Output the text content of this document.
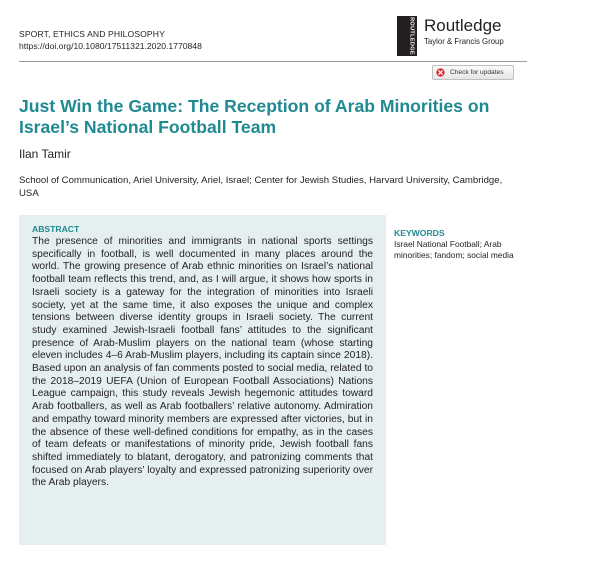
SPORT, ETHICS AND PHILOSOPHY
https://doi.org/10.1080/17511321.2020.1770848	ROUTLEDGE Routledge
Taylor & Francis Group
Check for updates
Just Win the Game: The Reception of Arab Minorities on Israel’s National Football Team
Ilan Tamir
School of Communication, Ariel University, Ariel, Israel; Center for Jewish Studies, Harvard University, Cambridge, USA
ABSTRACT

The presence of minorities and immigrants in national sports settings specifically in football, is well documented in many places around the world. The growing presence of Arab ethnic minorities on Israel’s national football team reflects this trend, and, as I will argue, it shows how sports in Israeli society is a gateway for the integration of minorities into Israeli society, yet at the same time, it also exposes the unique and complex tensions between diverse identity groups in Israeli society. The current study examined Jewish-Israeli football fans’ attitudes to the significant presence of Arab-Muslim players on the national team (whose starting eleven includes 4–6 Arab-Muslim players, including its captain since 2018). Based upon an analysis of fan comments posted to social media, related to the 2018–2019 UEFA (Union of European Football Associations) Nations League campaign, this study reveals Jewish hegemonic attitudes toward Arab footballers, as well as Arab footballers’ relative autonomy. Admiration and empathy toward minority members are expressed after victories, but in the absence of these well-defined conditions for empathy, as in the cases of team defeats or manifestations of minority pride, Jewish football fans shifted immediately to blatant, derogatory, and patronizing comments that focused on Arab players’ loyalty and expressed patronizing superiority over the Arab players.

KEYWORDS
Israel National Football; Arab minorities; fandom; social media
